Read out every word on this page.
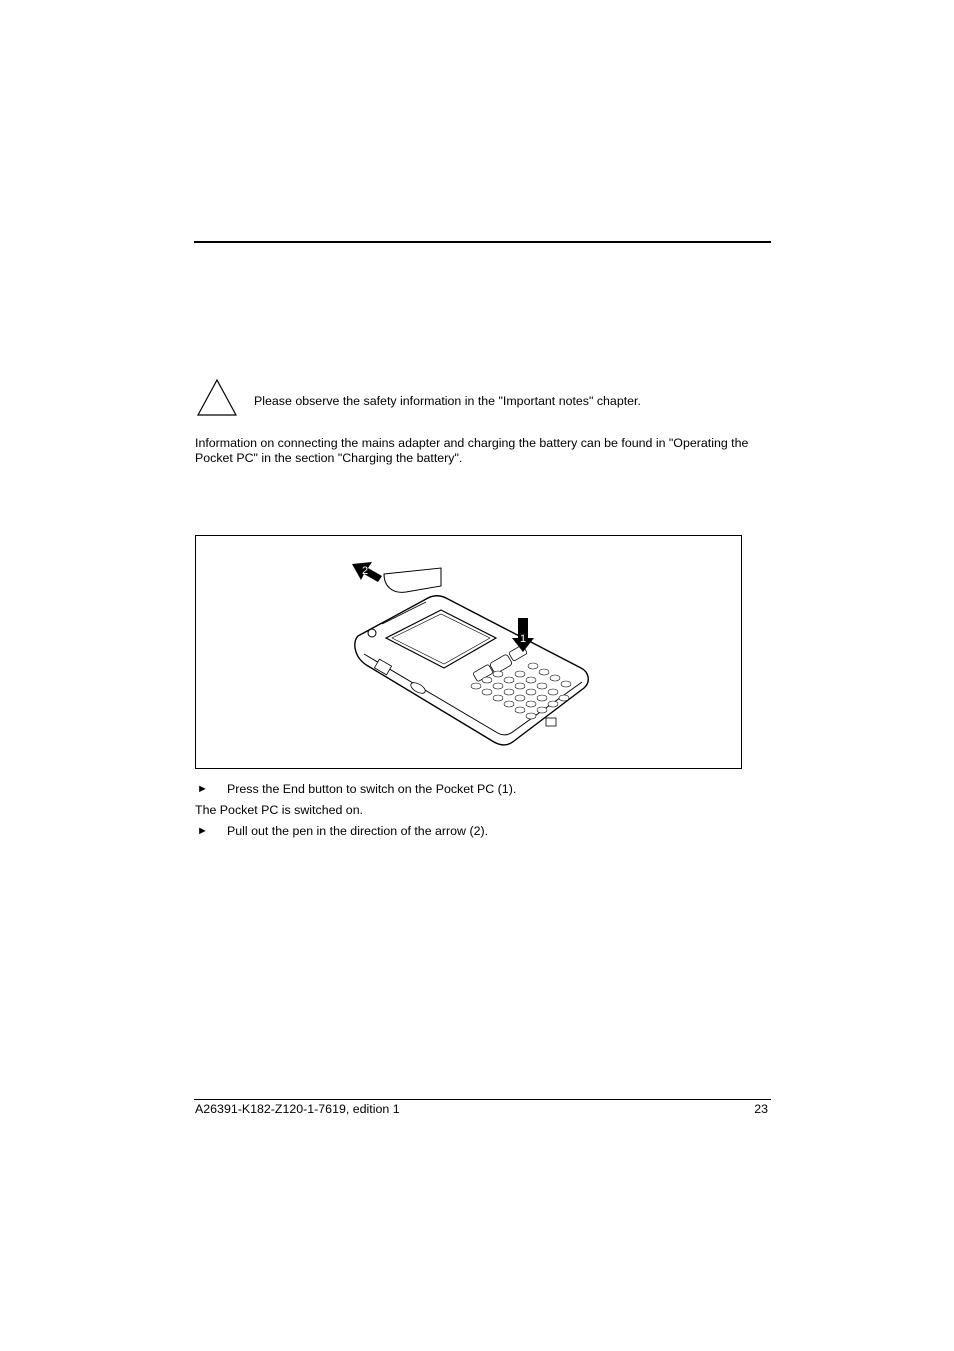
Please observe the safety information in the "Important notes" chapter.
Information on connecting the mains adapter and charging the battery can be found in "Operating the Pocket PC" in the section "Charging the battery".
1
2
► Press the End button to switch on the Pocket PC (1).
The Pocket PC is switched on.
► Pull out the pen in the direction of the arrow (2).
A26391-K182-Z120-1-7619, edition 1	23
